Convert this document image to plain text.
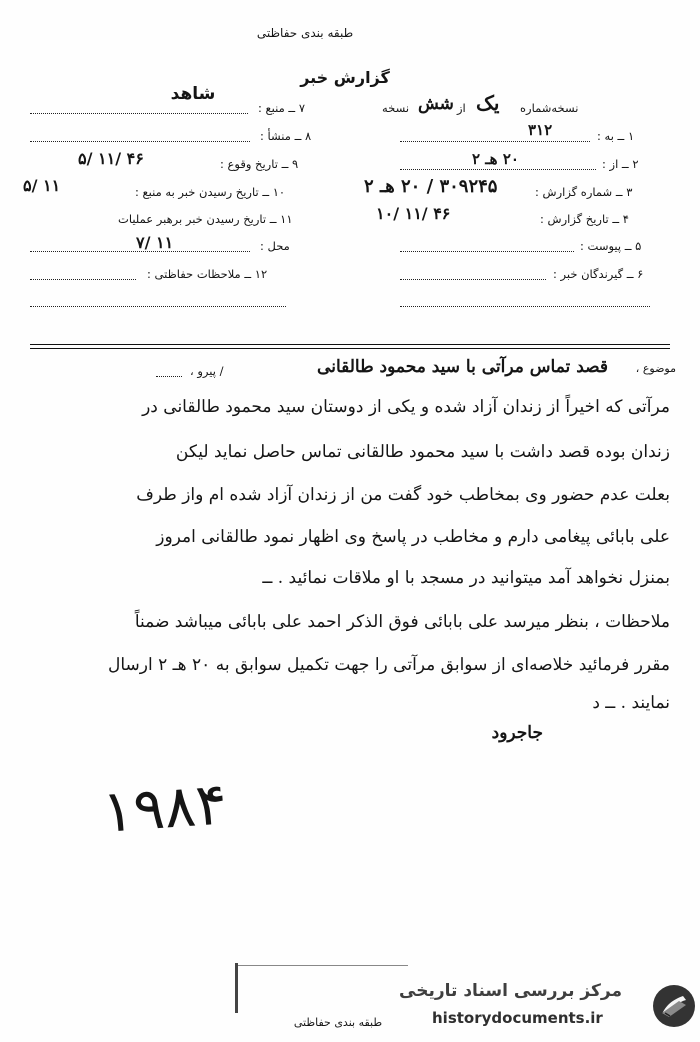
طبقه بندی حفاظتی
گزارش خبر
شاهد
نسخه‌شماره
یک
از
شش
نسخه
۱ ــ به :
۳۱۲
۲ ــ از :
۲۰ هـ ۲
۳ ــ شماره گزارش :
۳۰۹۲۴۵ / ۲۰ هـ ۲
۴ ــ تاریخ گزارش :
۱۰/ ۱۱/ ۴۶
۵ ــ پیوست :
۶ ــ گیرندگان خبر :
۷ ــ منبع :
۸ ــ منشأ :
۹ ــ تاریخ وقوع :
۵/ ۱۱/ ۴۶
۱۰ ــ تاریخ رسیدن خبر به منبع :
۵/ ۱۱
۱۱ ــ تاریخ رسیدن خبر برهبر عملیات
محل :
۷/ ۱۱
۱۲ ــ ملاحظات حفاظتی :
موضوع ،
قصد تماس مرآتی با سید محمود طالقانی
/ پیرو ،
مرآتی که اخیراً از زندان آزاد شده و یکی از دوستان سید محمود طالقانی در
زندان بوده قصد داشت با سید محمود طالقانی تماس حاصل نماید لیکن
بعلت عدم حضور وی بمخاطب خود گفت من از زندان آزاد شده ام واز طرف
علی بابائی پیغامی دارم و مخاطب در پاسخ وی اظهار نمود طالقانی امروز
بمنزل نخواهد آمد میتوانید در مسجد با او ملاقات نمائید . ــ
ملاحظات ، بنظر میرسد علی بابائی فوق الذکر احمد علی بابائی میباشد ضمناً
مقرر فرمائید خلاصه‌ای از سوابق مرآتی را جهت تکمیل سوابق به ۲۰ هـ ۲ ارسال
نمایند . ــ د
جاجرود
۱۹۸۴
طبقه بندی حفاظتی
مرکز بررسی اسناد تاریخی
historydocuments.ir
